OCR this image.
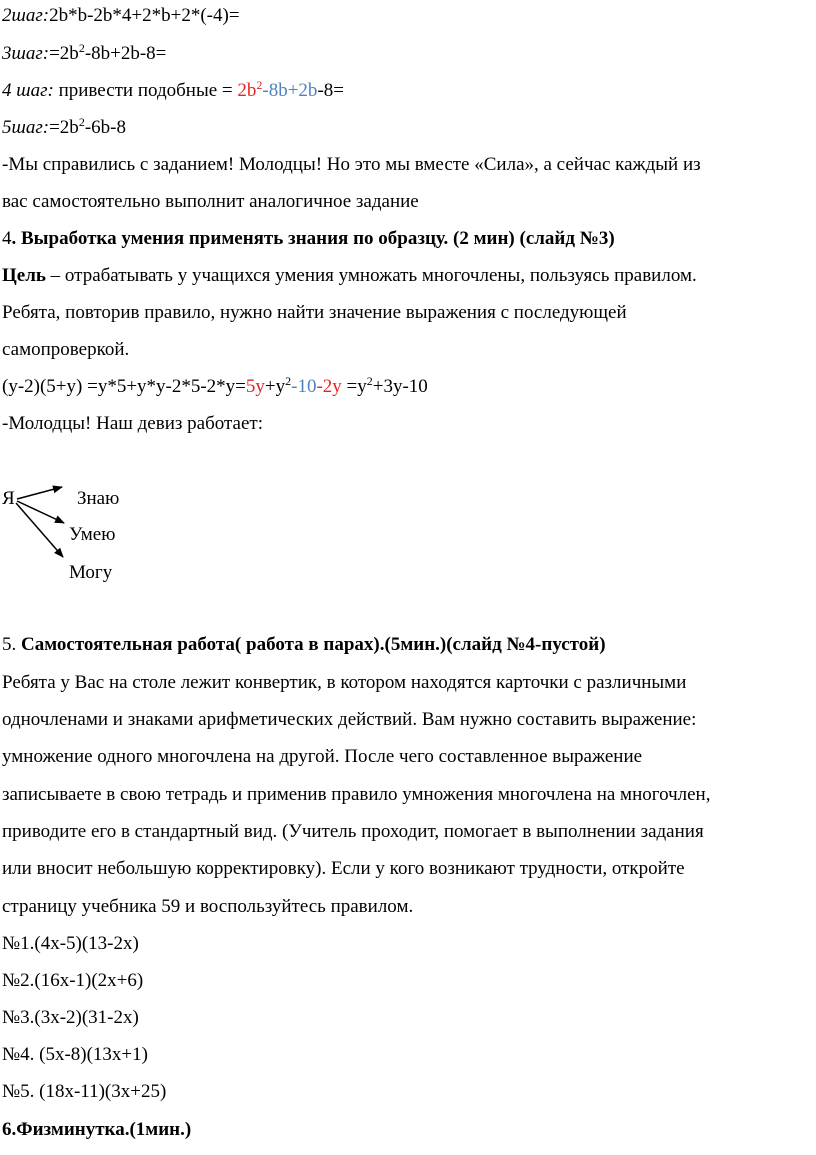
2шаг:2b*b-2b*4+2*b+2*(-4)=
$3шаг:=2b^2-8b+2b-8=$
4 шаг: привести подобные = $2b^2-8b+2b-8=$
$5шаг:=2b^2-6b-8$
-Мы справились с заданием! Молодцы! Но это мы вместе «Сила», а сейчас каждый из
вас самостоятельно выполнит аналогичное задание
4. Выработка умения применять знания по образцу. (2 мин) (слайд №3)
Цель – отрабатывать у учащихся умения умножать многочлены, пользуясь правилом.
Ребята, повторив правило, нужно найти значение выражения с последующей
самопроверкой.
$(y-2)(5+y) =y*5+y*y-2*5-2*y=5y+y^2-10-2y =y^2+3y-10$
-Молодцы! Наш девиз работает:
Я	Знаю
Умею
Могу
5. Самостоятельная работа( работа в парах).(5мин.)(слайд №4-пустой)
Ребята у Вас на столе лежит конвертик, в котором находятся карточки с различными
одночленами и знаками арифметических действий. Вам нужно составить выражение:
умножение одного многочлена на другой. После чего составленное выражение
записываете в свою тетрадь и применив правило умножения многочлена на многочлен,
приводите его в стандартный вид. (Учитель проходит, помогает в выполнении задания
или вносит небольшую корректировку). Если у кого возникают трудности, откройте
страницу учебника 59 и воспользуйтесь правилом.
№1.(4x-5)(13-2x)
№2.(16x-1)(2x+6)
№3.(3x-2)(31-2x)
№4. (5x-8)(13x+1)
№5. (18x-11)(3x+25)
6.Физминутка.(1мин.)
